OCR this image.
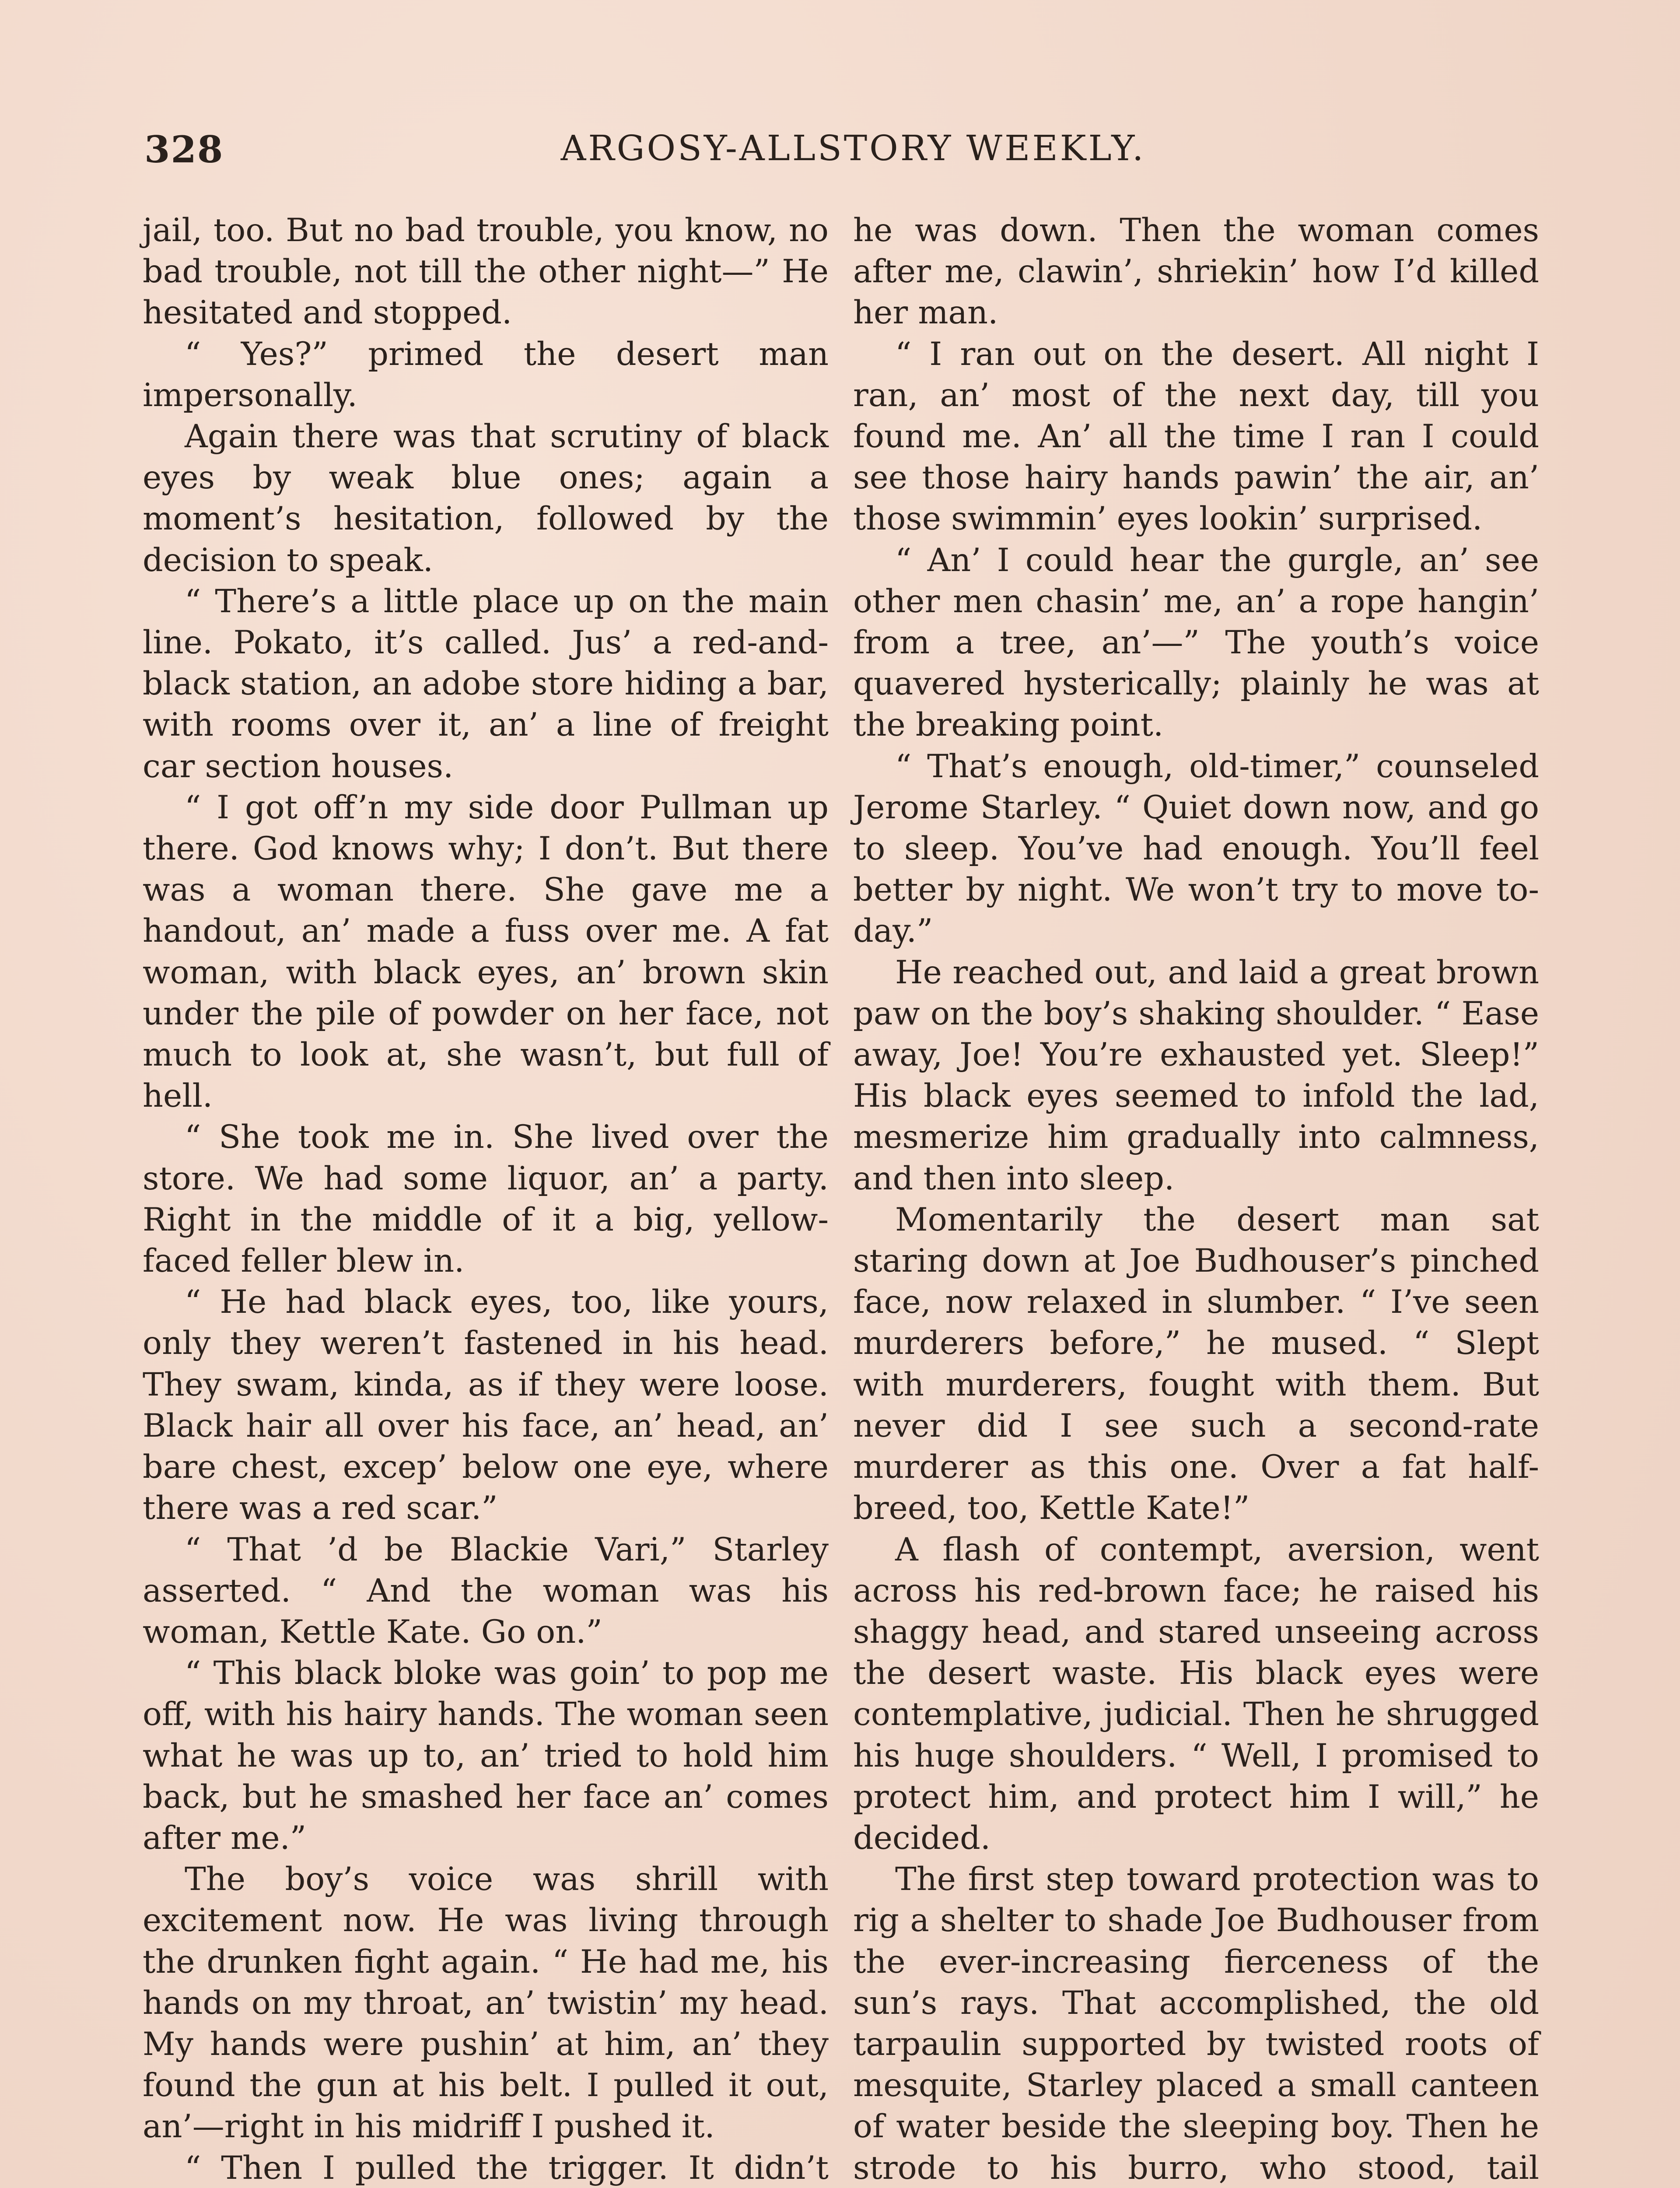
328	ARGOSY-ALLSTORY WEEKLY.

jail, too. But no bad trouble, you know, no bad trouble, not till the other night—” He hesitated and stopped.

“ Yes?” primed the desert man impersonally.

Again there was that scrutiny of black eyes by weak blue ones; again a moment’s hesitation, followed by the decision to speak.

“ There’s a little place up on the main line. Pokato, it’s called. Jus’ a red-and-black station, an adobe store hiding a bar, with rooms over it, an’ a line of freight car section houses.

“ I got off’n my side door Pullman up there. God knows why; I don’t. But there was a woman there. She gave me a handout, an’ made a fuss over me. A fat woman, with black eyes, an’ brown skin under the pile of powder on her face, not much to look at, she wasn’t, but full of hell.

“ She took me in. She lived over the store. We had some liquor, an’ a party. Right in the middle of it a big, yellow-faced feller blew in.

“ He had black eyes, too, like yours, only they weren’t fastened in his head. They swam, kinda, as if they were loose. Black hair all over his face, an’ head, an’ bare chest, excep’ below one eye, where there was a red scar.”

“ That ’d be Blackie Vari,” Starley asserted. “ And the woman was his woman, Kettle Kate. Go on.”

“ This black bloke was goin’ to pop me off, with his hairy hands. The woman seen what he was up to, an’ tried to hold him back, but he smashed her face an’ comes after me.”

The boy’s voice was shrill with excitement now. He was living through the drunken fight again. “ He had me, his hands on my throat, an’ twistin’ my head. My hands were pushin’ at him, an’ they found the gun at his belt. I pulled it out, an’—right in his midriff I pushed it.

“ Then I pulled the trigger. It didn’t

he was down. Then the woman comes after me, clawin’, shriekin’ how I’d killed her man.

“ I ran out on the desert. All night I ran, an’ most of the next day, till you found me. An’ all the time I ran I could see those hairy hands pawin’ the air, an’ those swimmin’ eyes lookin’ surprised.

“ An’ I could hear the gurgle, an’ see other men chasin’ me, an’ a rope hangin’ from a tree, an’—” The youth’s voice quavered hysterically; plainly he was at the breaking point.

“ That’s enough, old-timer,” counseled Jerome Starley. “ Quiet down now, and go to sleep. You’ve had enough. You’ll feel better by night. We won’t try to move to-day.”

He reached out, and laid a great brown paw on the boy’s shaking shoulder. “ Ease away, Joe! You’re exhausted yet. Sleep!” His black eyes seemed to infold the lad, mesmerize him gradually into calmness, and then into sleep.

Momentarily the desert man sat staring down at Joe Budhouser’s pinched face, now relaxed in slumber. “ I’ve seen murderers before,” he mused. “ Slept with murderers, fought with them. But never did I see such a second-rate murderer as this one. Over a fat half-breed, too, Kettle Kate!”

A flash of contempt, aversion, went across his red-brown face; he raised his shaggy head, and stared unseeing across the desert waste. His black eyes were contemplative, judicial. Then he shrugged his huge shoulders. “ Well, I promised to protect him, and protect him I will,” he decided.

The first step toward protection was to rig a shelter to shade Joe Budhouser from the ever-increasing fierceness of the sun’s rays. That accomplished, the old tarpaulin supported by twisted roots of mesquite, Starley placed a small canteen of water beside the sleeping boy. Then he strode to his burro, who stood, tail
